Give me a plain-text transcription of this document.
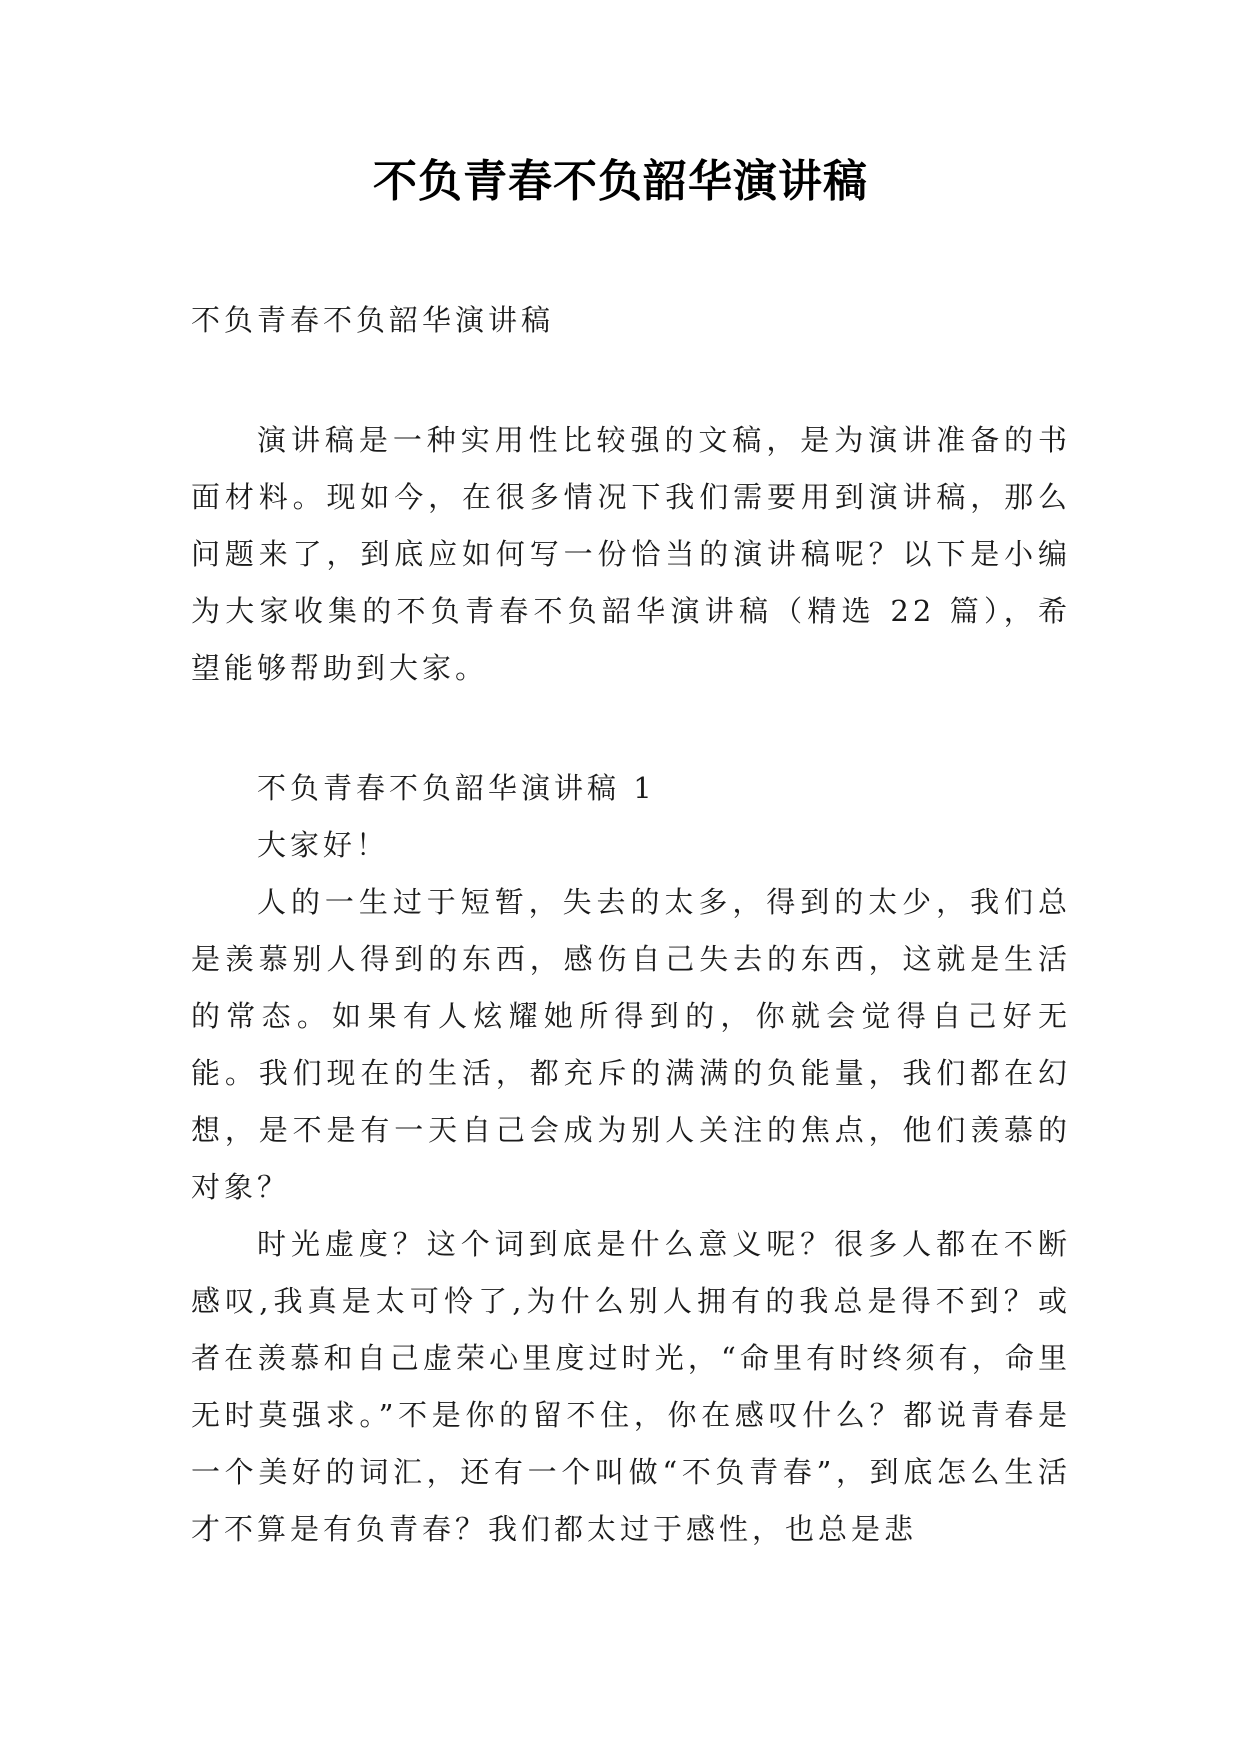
不负青春不负韶华演讲稿

不负青春不负韶华演讲稿

演讲稿是一种实用性比较强的文稿，是为演讲准备的书面材料。现如今，在很多情况下我们需要用到演讲稿，那么问题来了，到底应如何写一份恰当的演讲稿呢？以下是小编为大家收集的不负青春不负韶华演讲稿（精选 22 篇），希望能够帮助到大家。

不负青春不负韶华演讲稿 1

大家好！

人的一生过于短暂，失去的太多，得到的太少，我们总是羡慕别人得到的东西，感伤自己失去的东西，这就是生活的常态。如果有人炫耀她所得到的，你就会觉得自己好无能。我们现在的生活，都充斥的满满的负能量，我们都在幻想，是不是有一天自己会成为别人关注的焦点，他们羡慕的对象？

时光虚度？这个词到底是什么意义呢？很多人都在不断感叹,我真是太可怜了,为什么别人拥有的我总是得不到？或者在羡慕和自己虚荣心里度过时光，“命里有时终须有，命里无时莫强求。”不是你的留不住，你在感叹什么？都说青春是一个美好的词汇，还有一个叫做“不负青春”，到底怎么生活才不算是有负青春？我们都太过于感性，也总是悲
